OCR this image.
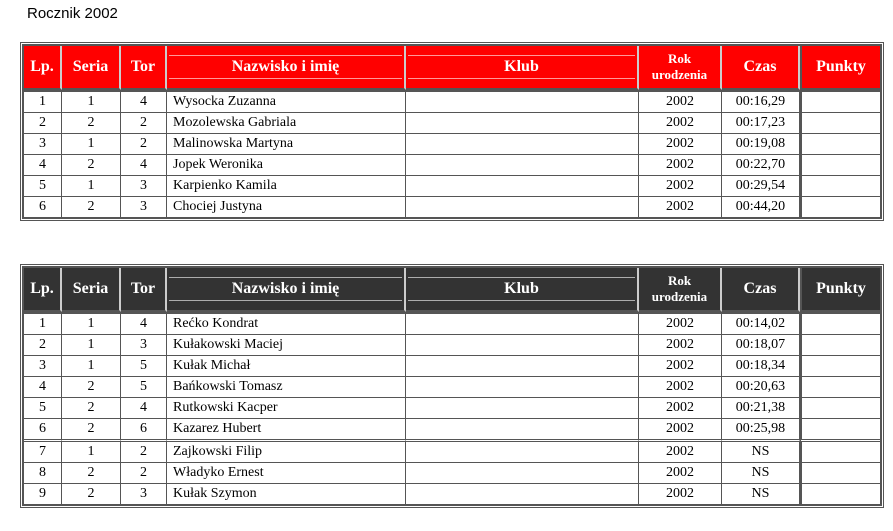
Rocznik 2002
Lp.	Seria	Tor	Nazwisko i imię	Klub	Rok
urodzenia	Czas	Punkty
1	1	4	Wysocka Zuzanna		2002	00:16,29	
2	2	2	Mozolewska Gabriala		2002	00:17,23	
3	1	2	Malinowska Martyna		2002	00:19,08	
4	2	4	Jopek Weronika		2002	00:22,70	
5	1	3	Karpienko Kamila		2002	00:29,54	
6	2	3	Chociej Justyna		2002	00:44,20	
Lp.	Seria	Tor	Nazwisko i imię	Klub	Rok
urodzenia	Czas	Punkty
1	1	4	Rećko Kondrat		2002	00:14,02	
2	1	3	Kułakowski Maciej		2002	00:18,07	
3	1	5	Kułak Michał		2002	00:18,34	
4	2	5	Bańkowski Tomasz		2002	00:20,63	
5	2	4	Rutkowski Kacper		2002	00:21,38	
6	2	6	Kazarez Hubert		2002	00:25,98	
7	1	2	Zajkowski Filip		2002	NS	
8	2	2	Władyko Ernest		2002	NS	
9	2	3	Kułak Szymon		2002	NS	
